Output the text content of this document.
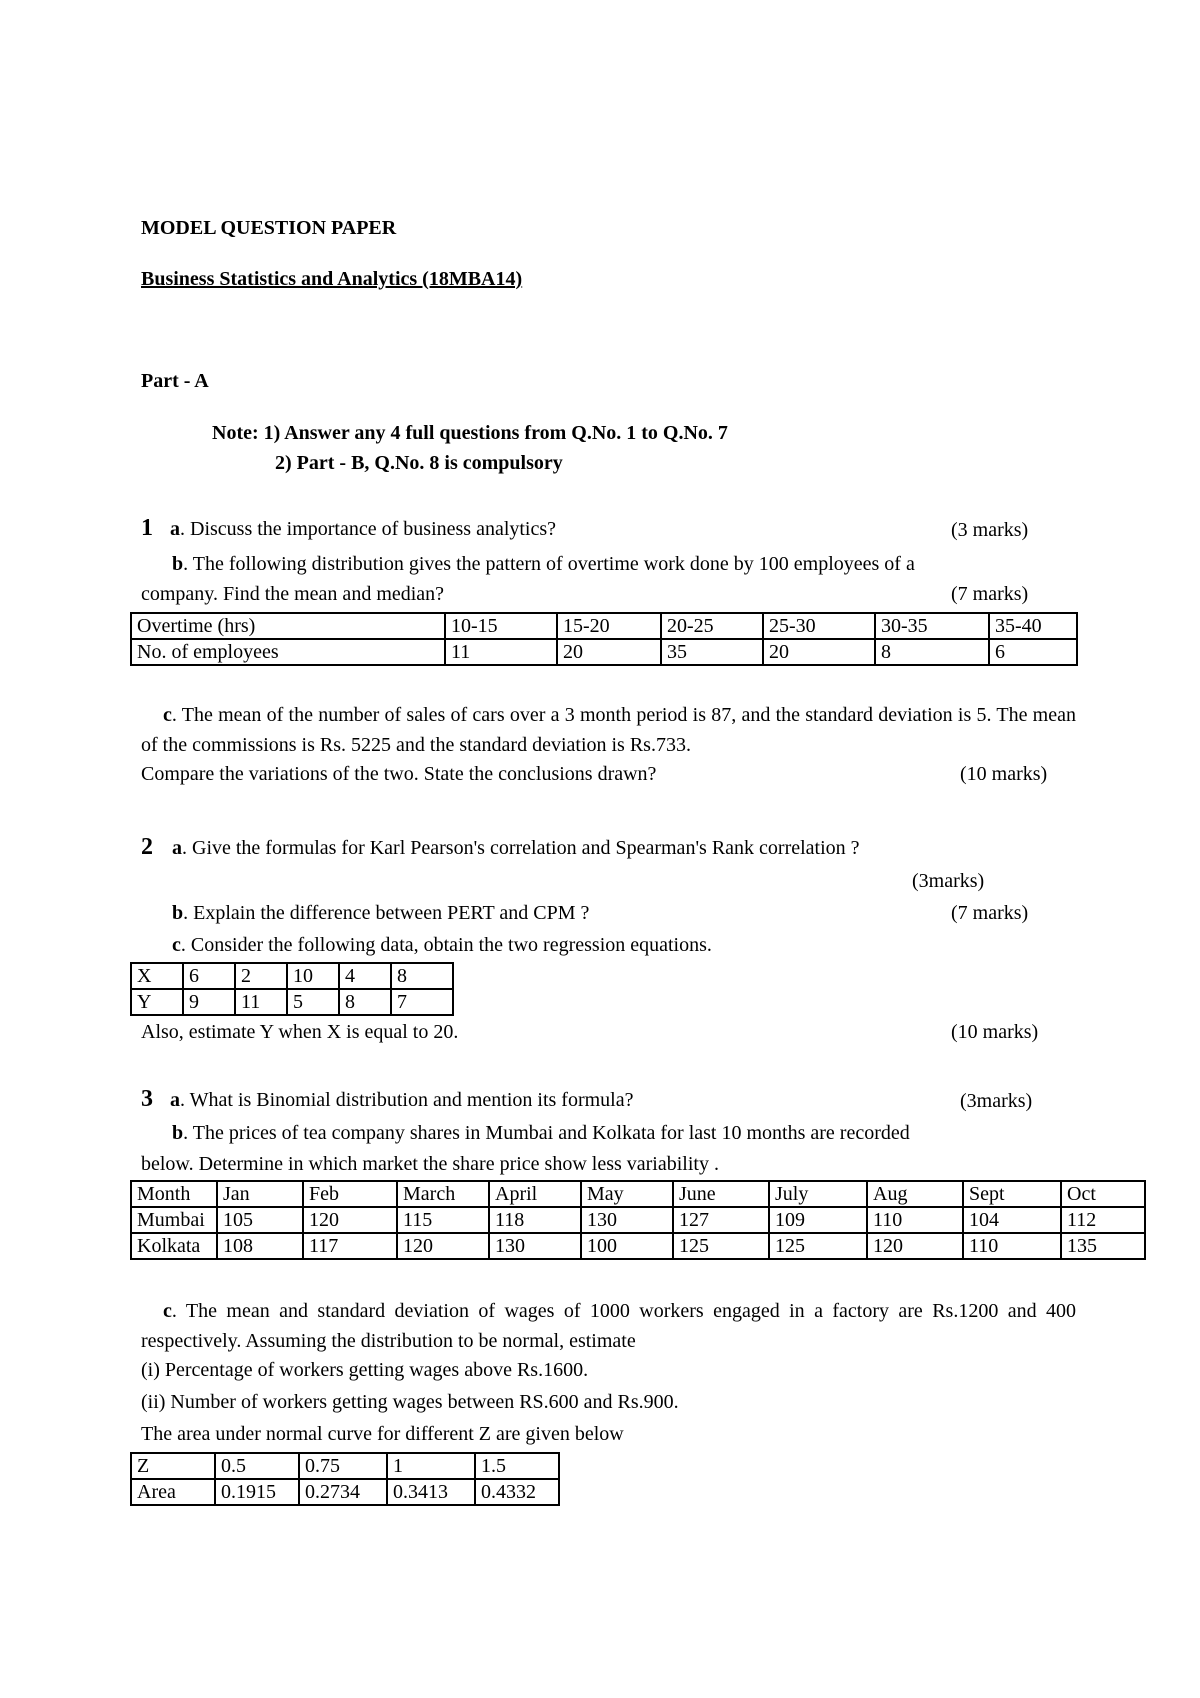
MODEL QUESTION PAPER
Business Statistics and Analytics (18MBA14)
Part - A
Note: 1) Answer any 4 full questions from Q.No. 1 to Q.No. 7
2) Part - B, Q.No. 8 is compulsory
1 a. Discuss the importance of business analytics?	(3 marks)
b. The following distribution gives the pattern of overtime work done by 100 employees of a
company. Find the mean and median?	(7 marks)
Overtime (hrs)	10-15	15-20	20-25	25-30	30-35	35-40
No. of employees	11	20	35	20	8	6
c. The mean of the number of sales of cars over a 3 month period is 87, and the standard deviation is 5. The mean of the commissions is Rs. 5225 and the standard deviation is Rs.733.
Compare the variations of the two. State the conclusions drawn?	(10 marks)
2 a. Give the formulas for Karl Pearson's correlation and Spearman's Rank correlation ?
(3marks)
b. Explain the difference between PERT and CPM ?	(7 marks)
c. Consider the following data, obtain the two regression equations.
X	6	2	10	4	8
Y	9	11	5	8	7
Also, estimate Y when X is equal to 20.	(10 marks)
3 a. What is Binomial distribution and mention its formula?	(3marks)
b. The prices of tea company shares in Mumbai and Kolkata for last 10 months are recorded
below. Determine in which market the share price show less variability .
Month	Jan	Feb	March	April	May	June	July	Aug	Sept	Oct
Mumbai	105	120	115	118	130	127	109	110	104	112
Kolkata	108	117	120	130	100	125	125	120	110	135
c. The mean and standard deviation of wages of 1000 workers engaged in a factory are Rs.1200 and 400 respectively. Assuming the distribution to be normal, estimate
(i) Percentage of workers getting wages above Rs.1600.
(ii) Number of workers getting wages between RS.600 and Rs.900.
The area under normal curve for different Z are given below
Z	0.5	0.75	1	1.5
Area	0.1915	0.2734	0.3413	0.4332
